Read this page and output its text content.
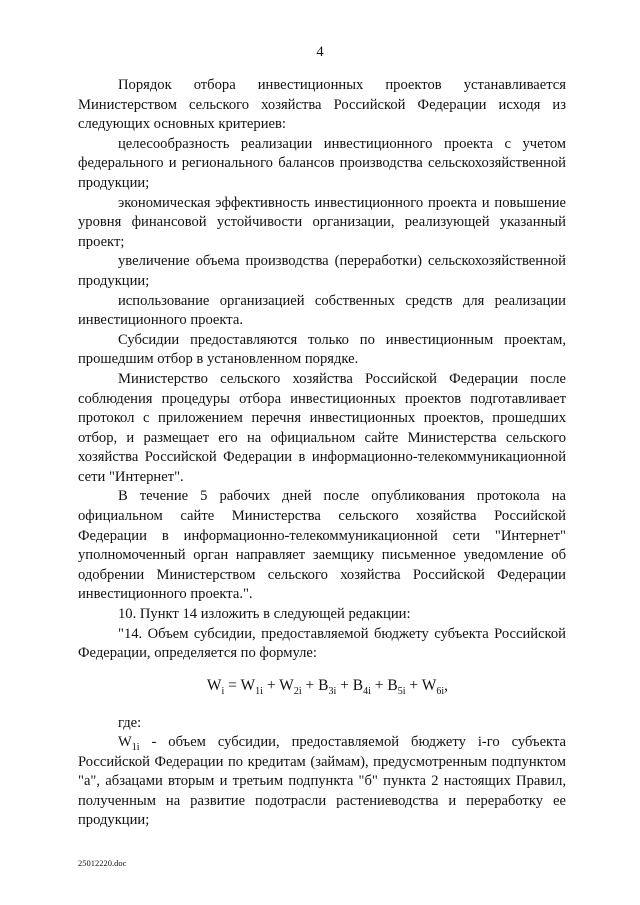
4

Порядок отбора инвестиционных проектов устанавливается Министерством сельского хозяйства Российской Федерации исходя из следующих основных критериев:

целесообразность реализации инвестиционного проекта с учетом федерального и регионального балансов производства сельскохозяйственной продукции;

экономическая эффективность инвестиционного проекта и повышение уровня финансовой устойчивости организации, реализующей указанный проект;

увеличение объема производства (переработки) сельскохозяйственной продукции;

использование организацией собственных средств для реализации инвестиционного проекта.

Субсидии предоставляются только по инвестиционным проектам, прошедшим отбор в установленном порядке.

Министерство сельского хозяйства Российской Федерации после соблюдения процедуры отбора инвестиционных проектов подготавливает протокол с приложением перечня инвестиционных проектов, прошедших отбор, и размещает его на официальном сайте Министерства сельского хозяйства Российской Федерации в информационно-телекоммуникационной сети "Интернет".

В течение 5 рабочих дней после опубликования протокола на официальном сайте Министерства сельского хозяйства Российской Федерации в информационно-телекоммуникационной сети "Интернет" уполномоченный орган направляет заемщику письменное уведомление об одобрении Министерством сельского хозяйства Российской Федерации инвестиционного проекта.".

10. Пункт 14 изложить в следующей редакции:

"14. Объем субсидии, предоставляемой бюджету субъекта Российской Федерации, определяется по формуле:

$W_i = W_{1i} + W_{2i} + B_{3i} + B_{4i} + B_{5i} + W_{6i}$,

где:

$W_{1i}$ - объем субсидии, предоставляемой бюджету i-го субъекта Российской Федерации по кредитам (займам), предусмотренным подпунктом "а", абзацами вторым и третьим подпункта "б" пункта 2 настоящих Правил, полученным на развитие подотрасли растениеводства и переработку ее продукции;

25012220.doc
